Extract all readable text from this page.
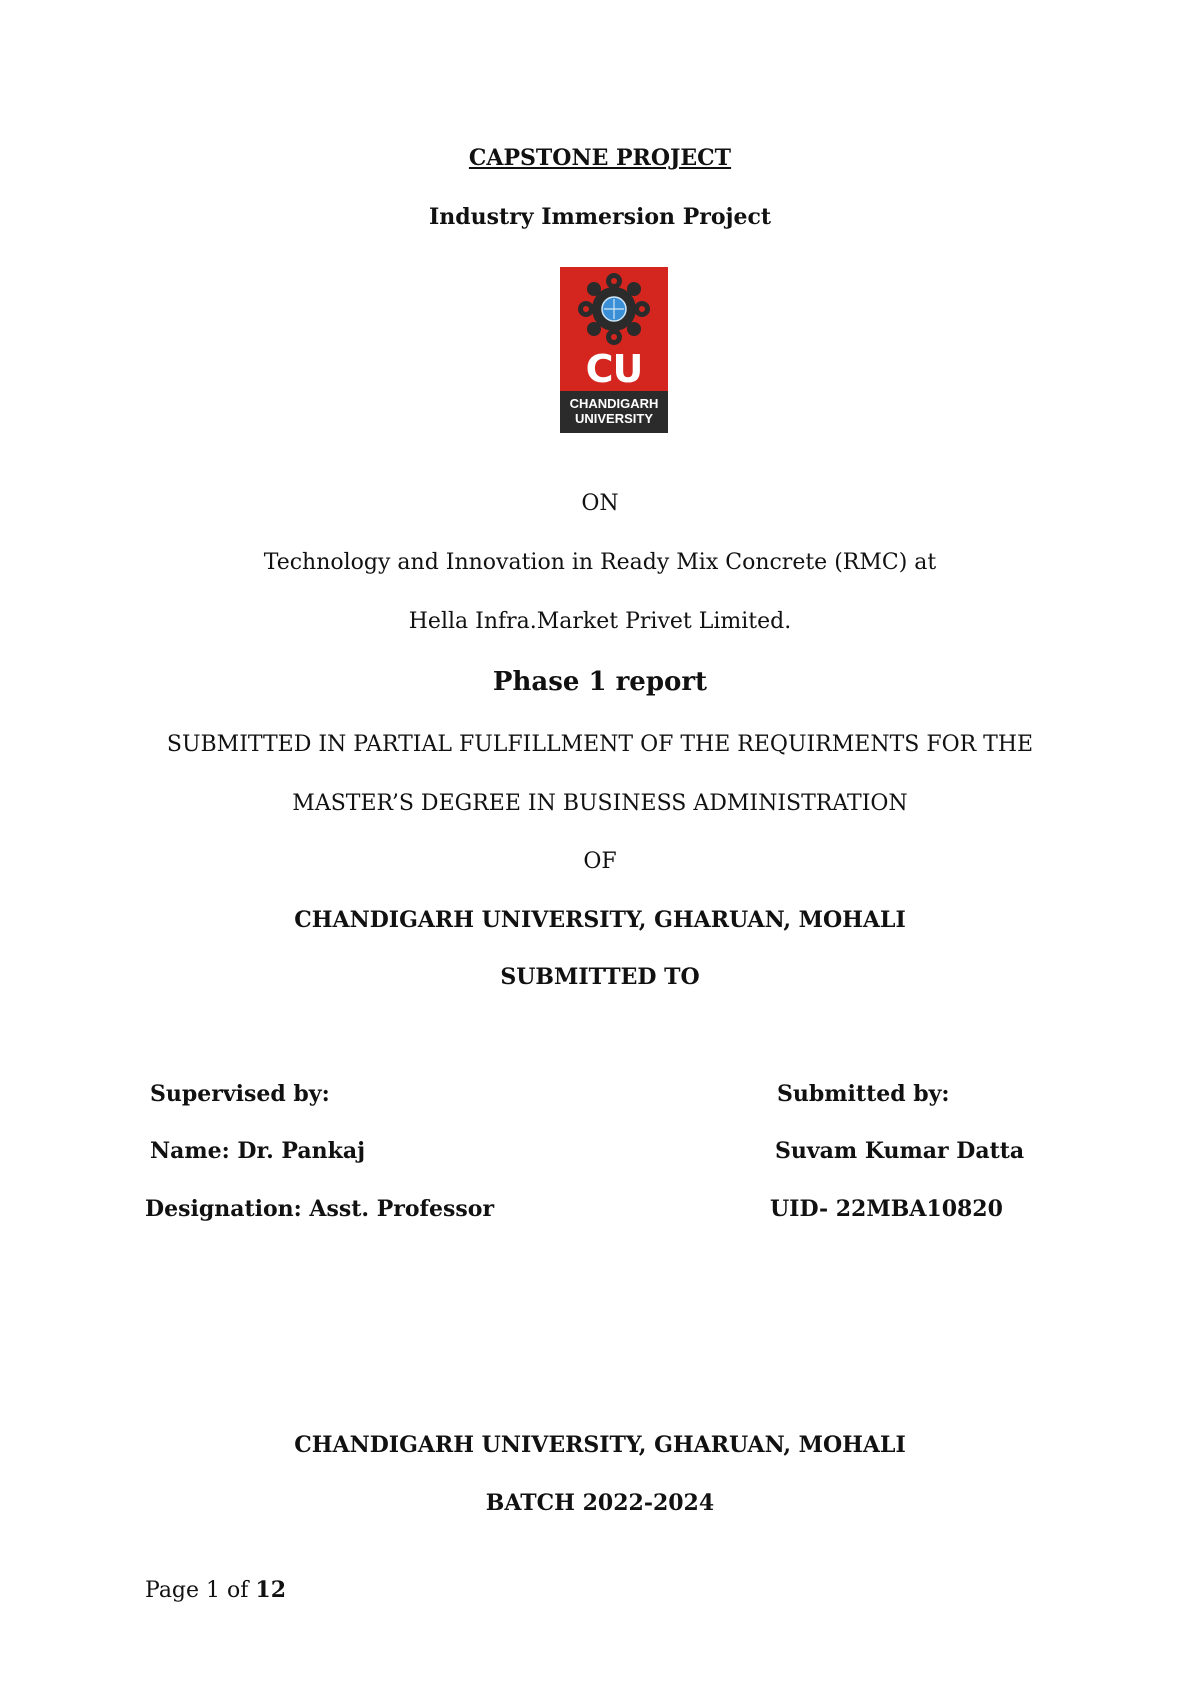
CAPSTONE PROJECT
Industry Immersion Project
CU
CHANDIGARH
UNIVERSITY
ON
Technology and Innovation in Ready Mix Concrete (RMC) at
Hella Infra.Market Privet Limited.
Phase 1 report
SUBMITTED IN PARTIAL FULFILLMENT OF THE REQUIRMENTS FOR THE
MASTER’S DEGREE IN BUSINESS ADMINISTRATION
OF
CHANDIGARH UNIVERSITY, GHARUAN, MOHALI
SUBMITTED TO
Supervised by:
Name: Dr. Pankaj
Designation: Asst. Professor
Submitted by:
Suvam Kumar Datta
UID- 22MBA10820
CHANDIGARH UNIVERSITY, GHARUAN, MOHALI
BATCH 2022-2024
Page 1 of 12
